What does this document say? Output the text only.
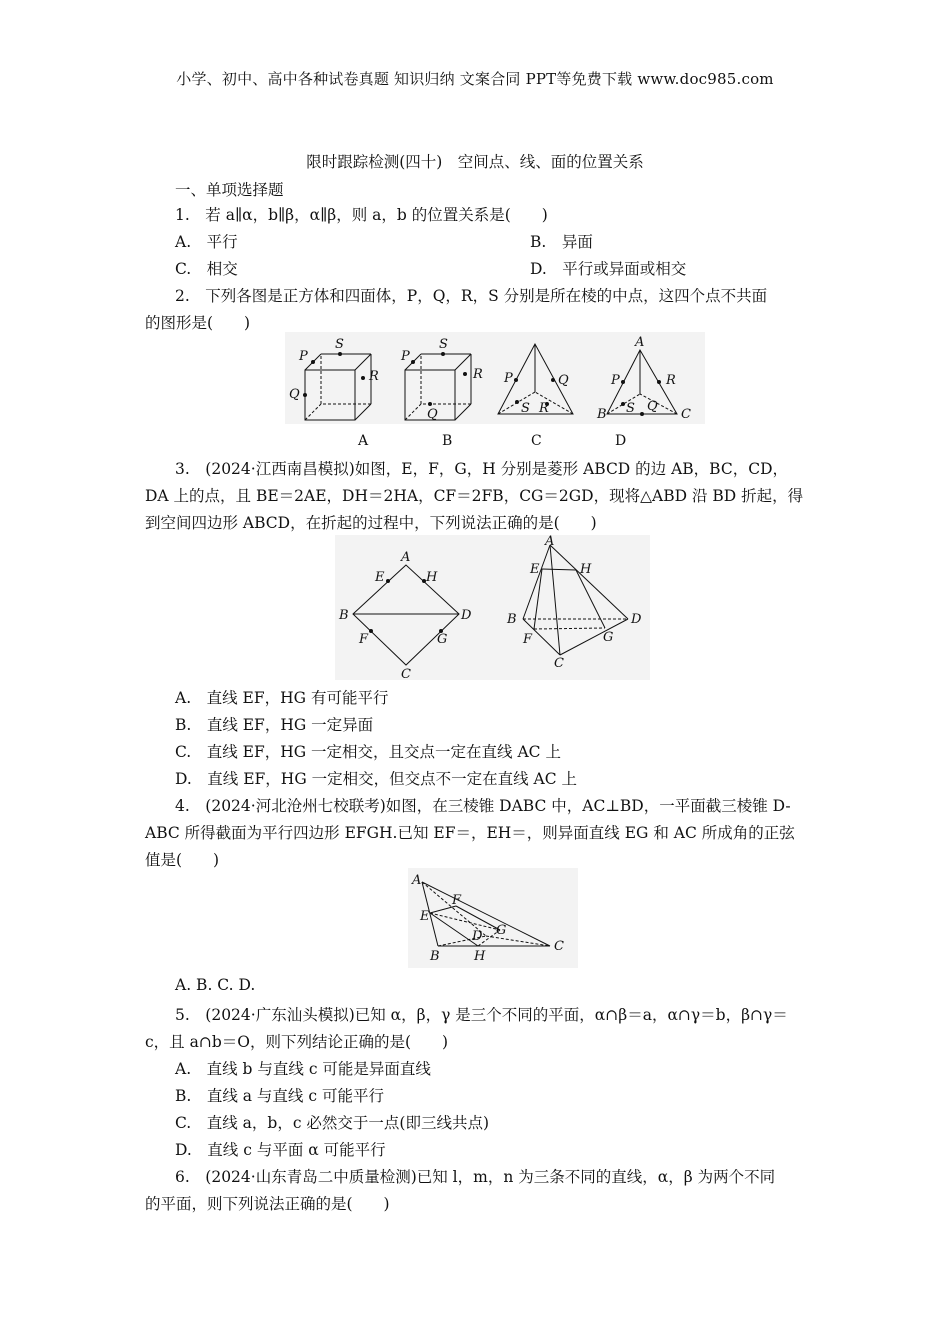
小学、初中、高中各种试卷真题 知识归纳 文案合同 PPT等免费下载 www.doc985.com
限时跟踪检测(四十)　空间点、线、面的位置关系
一、单项选择题
1.　若 a∥α，b∥β，α∥β，则 a，b 的位置关系是(　　)
A.　平行	B.　异面
C.　相交	D.　平行或异面或相交
2.　下列各图是正方体和四面体，P，Q，R，S 分别是所在棱的中点，这四个点不共面
的图形是(　　)
P
S
R
Q
P
S
R
Q
P	Q
S R
A
B	C
P	R
S Q
A	B	C	D
3.　(2024·江西南昌模拟)如图，E，F，G，H 分别是菱形 ABCD 的边 AB，BC，CD，
DA 上的点，且 BE＝2AE，DH＝2HA，CF＝2FB，CG＝2GD，现将△ABD 沿 BD 折起，得
到空间四边形 ABCD，在折起的过程中，下列说法正确的是(　　)
A
B
C
D
E	H
F	G
A
B
C
D
E	H
F	G
A.　直线 EF，HG 有可能平行
B.　直线 EF，HG 一定异面
C.　直线 EF，HG 一定相交，且交点一定在直线 AC 上
D.　直线 EF，HG 一定相交，但交点不一定在直线 AC 上
4.　(2024·河北沧州七校联考)如图，在三棱锥 DABC 中，AC⊥BD，一平面截三棱锥 D-
ABC 所得截面为平行四边形 EFGH.已知 EF＝，EH＝，则异面直线 EG 和 AC 所成角的正弦
值是(　　)
A
B
C
D
E
F
G
H
A. B. C. D.
5.　(2024·广东汕头模拟)已知 α，β，γ 是三个不同的平面，α∩β＝a，α∩γ＝b，β∩γ＝
c，且 a∩b＝O，则下列结论正确的是(　　)
A.　直线 b 与直线 c 可能是异面直线
B.　直线 a 与直线 c 可能平行
C.　直线 a，b，c 必然交于一点(即三线共点)
D.　直线 c 与平面 α 可能平行
6.　(2024·山东青岛二中质量检测)已知 l，m，n 为三条不同的直线，α，β 为两个不同
的平面，则下列说法正确的是(　　)
